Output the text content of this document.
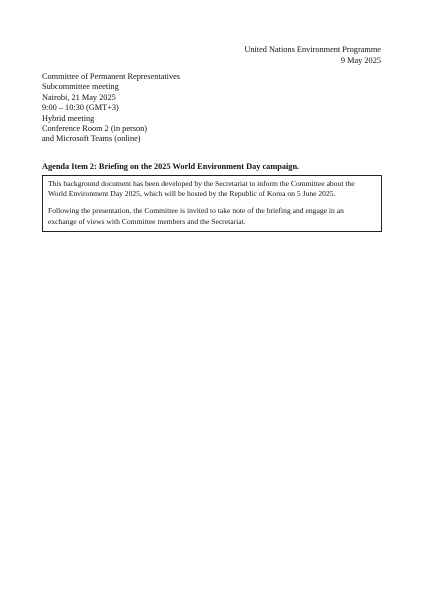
United Nations Environment Programme
9 May 2025
Committee of Permanent Representatives
Subcommittee meeting
Nairobi, 21 May 2025
9:00 – 10:30 (GMT+3)
Hybrid meeting
Conference Room 2 (in person)
and Microsoft Teams (online)
Agenda Item 2: Briefing on the 2025 World Environment Day campaign.

This background document has been developed by the Secretariat to inform the Committee about the
World Environment Day 2025, which will be hosted by the Republic of Korea on 5 June 2025.

Following the presentation, the Committee is invited to take note of the briefing and engage in an
exchange of views with Committee members and the Secretariat.
